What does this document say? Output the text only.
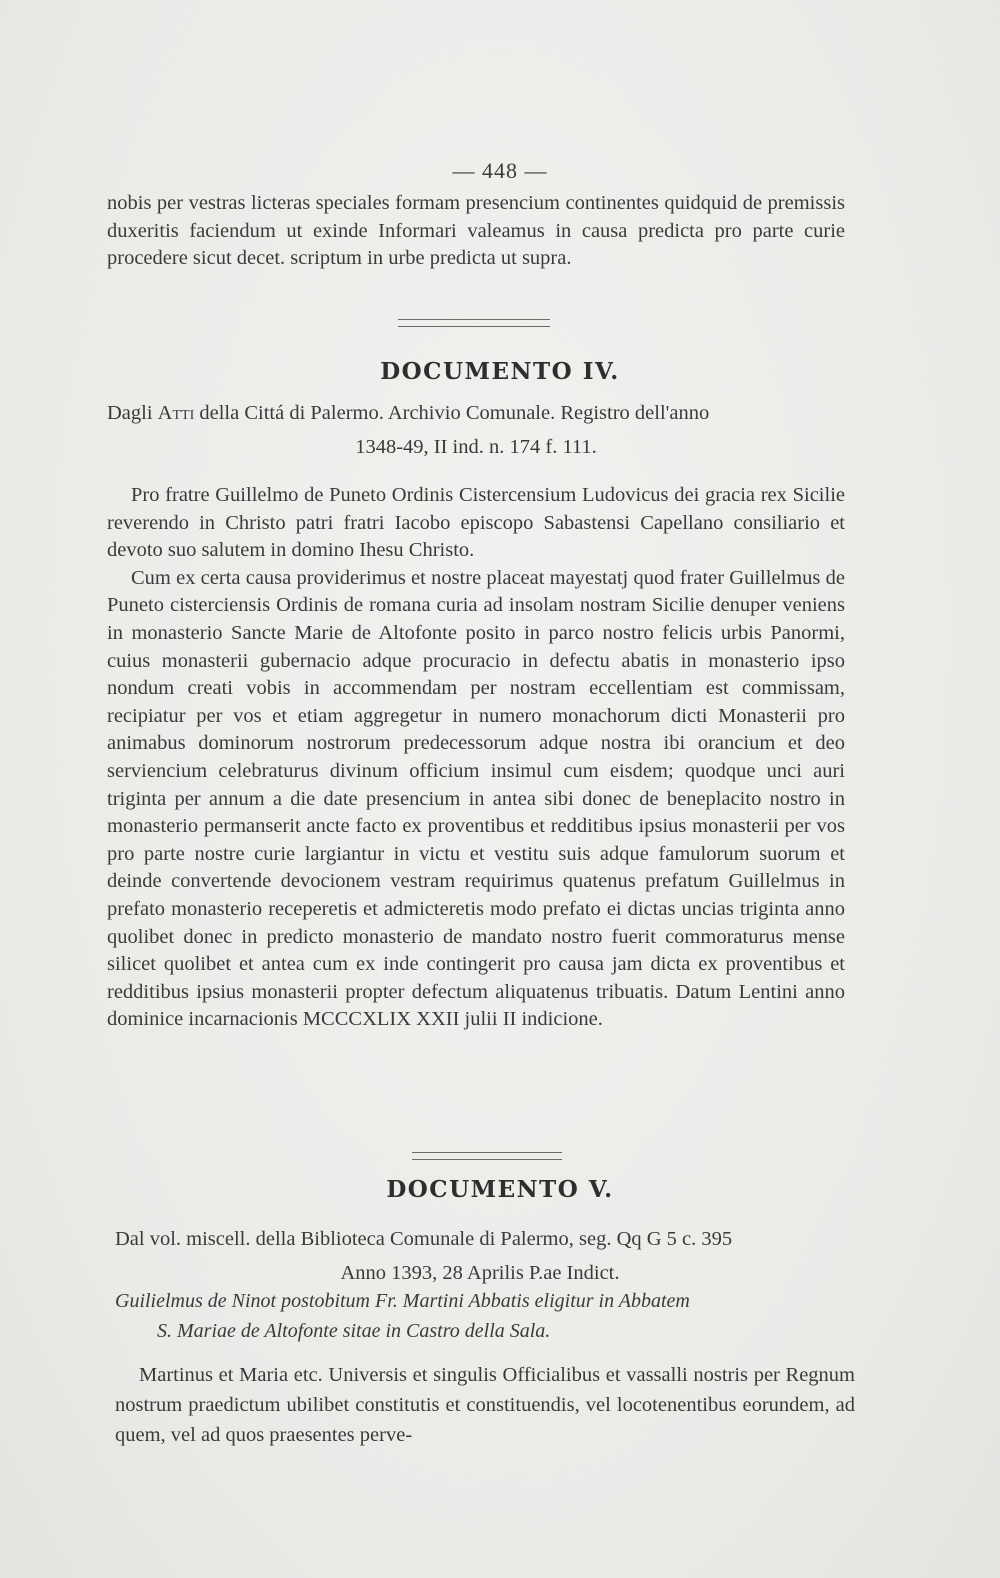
— 448 —

nobis per vestras licteras speciales formam presencium continentes quidquid de premissis duxeritis faciendum ut exinde Informari valeamus in causa predicta pro parte curie procedere sicut decet. scriptum in urbe predicta ut supra.

DOCUMENTO IV.
Dagli Atti della Cittá di Palermo. Archivio Comunale. Registro dell'anno
1348-49, II ind. n. 174 f. 111.

Pro fratre Guillelmo de Puneto Ordinis Cistercensium Ludovicus dei gracia rex Sicilie reverendo in Christo patri fratri Iacobo episcopo Sabastensi Capellano consiliario et devoto suo salutem in domino Ihesu Christo.

Cum ex certa causa providerimus et nostre placeat mayestatj quod frater Guillelmus de Puneto cisterciensis Ordinis de romana curia ad insolam nostram Sicilie denuper veniens in monasterio Sancte Marie de Altofonte posito in parco nostro felicis urbis Panormi, cuius monasterii gubernacio adque procuracio in defectu abatis in monasterio ipso nondum creati vobis in accommendam per nostram eccellentiam est commissam, recipiatur per vos et etiam aggregetur in numero monachorum dicti Monasterii pro animabus dominorum nostrorum predecessorum adque nostra ibi orancium et deo serviencium celebraturus divinum officium insimul cum eisdem; quodque unci auri triginta per annum a die date presencium in antea sibi donec de beneplacito nostro in monasterio permanserit ancte facto ex proventibus et redditibus ipsius monasterii per vos pro parte nostre curie largiantur in victu et vestitu suis adque famulorum suorum et deinde convertende devocionem vestram requirimus quatenus prefatum Guillelmus in prefato monasterio receperetis et admicteretis modo prefato ei dictas uncias triginta anno quolibet donec in predicto monasterio de mandato nostro fuerit commoraturus mense silicet quolibet et antea cum ex inde contingerit pro causa jam dicta ex proventibus et redditibus ipsius monasterii propter defectum aliquatenus tribuatis. Datum Lentini anno dominice incarnacionis MCCCXLIX XXII julii II indicione.

DOCUMENTO V.
Dal vol. miscell. della Biblioteca Comunale di Palermo, seg. Qq G 5 c. 395
Anno 1393, 28 Aprilis P.ae Indict.
Guilielmus de Ninot postobitum Fr. Martini Abbatis eligitur in Abbatem
S. Mariae de Altofonte sitae in Castro della Sala.

Martinus et Maria etc. Universis et singulis Officialibus et vassalli nostris per Regnum nostrum praedictum ubilibet constitutis et constituendis, vel locotenentibus eorundem, ad quem, vel ad quos praesentes perve-
